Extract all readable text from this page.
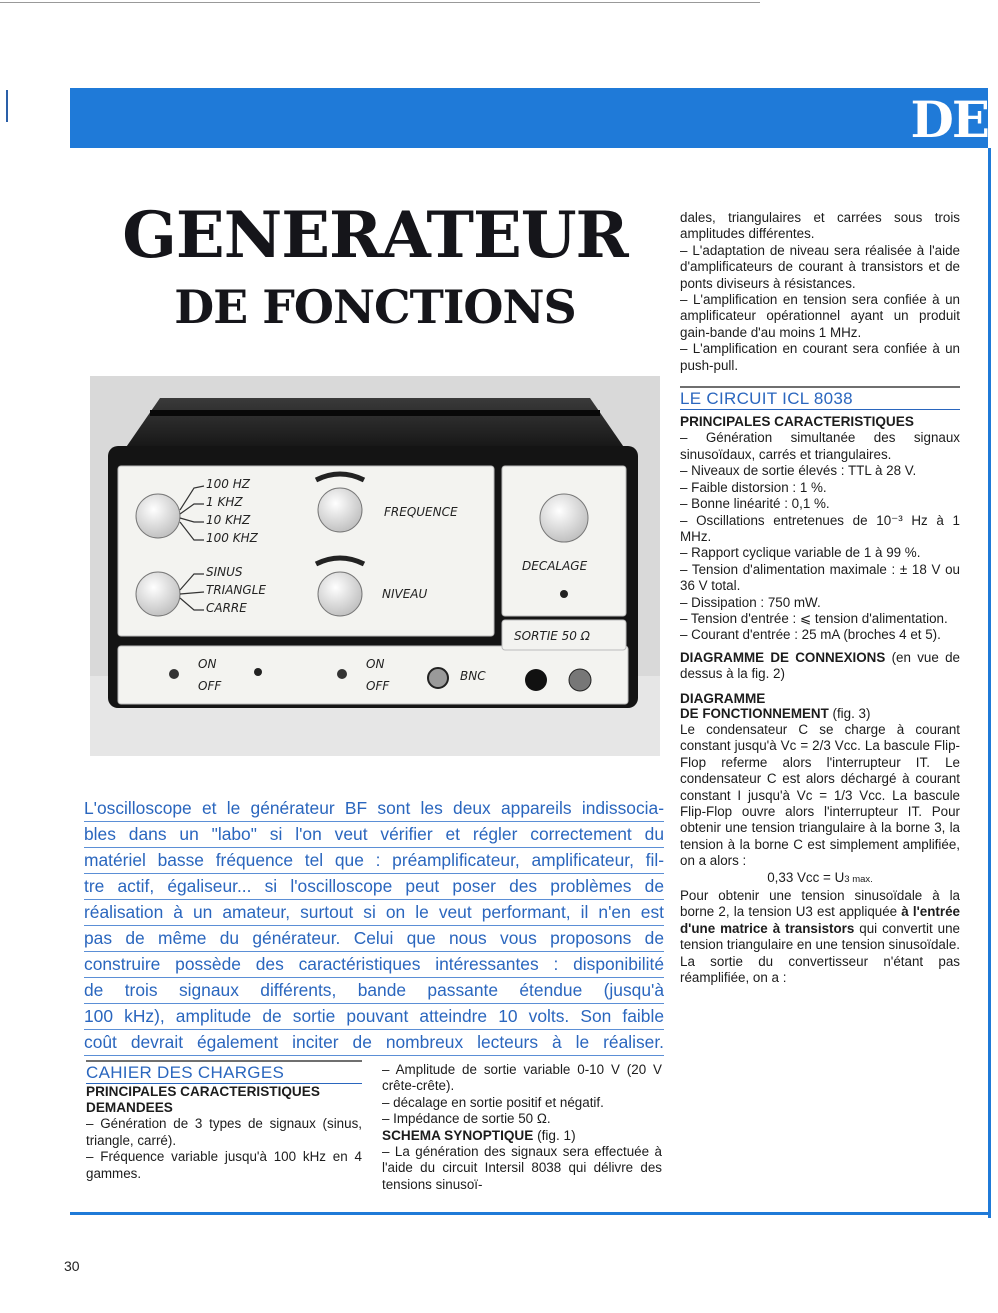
DE
GENERATEUR
DE FONCTIONS
100 HZ
1 KHZ
10 KHZ
100 KHZ
SINUS
TRIANGLE
CARRE
FREQUENCE
NIVEAU
DECALAGE
SORTIE 50 Ω
ON
OFF
ON
OFF
BNC
L'oscilloscope et le générateur BF sont les deux appareils indissocia-
bles dans un "labo" si l'on veut vérifier et régler correctement du
matériel basse fréquence tel que : préamplificateur, amplificateur, fil-
tre actif, égaliseur... si l'oscilloscope peut poser des problèmes de
réalisation à un amateur, surtout si on le veut performant, il n'en est
pas de même du générateur. Celui que nous vous proposons de
construire possède des caractéristiques intéressantes : disponibilité
de trois signaux différents, bande passante étendue (jusqu'à
100 kHz), amplitude de sortie pouvant atteindre 10 volts. Son faible
coût devrait également inciter de nombreux lecteurs à le réaliser.
CAHIER DES CHARGES

PRINCIPALES CARACTERISTIQUES DEMANDEES

– Génération de 3 types de signaux (sinus, triangle, carré).

– Fréquence variable jusqu'à 100 kHz en 4 gammes.

– Amplitude de sortie variable 0-10 V (20 V crête-crête).

– décalage en sortie positif et négatif.

– Impédance de sortie 50 Ω.

SCHEMA SYNOPTIQUE (fig. 1)

– La génération des signaux sera effectuée à l'aide du circuit Intersil 8038 qui délivre des tensions sinusoï-

dales, triangulaires et carrées sous trois amplitudes différentes.

– L'adaptation de niveau sera réalisée à l'aide d'amplificateurs de courant à transistors et de ponts diviseurs à résistances.

– L'amplification en tension sera confiée à un amplificateur opérationnel ayant un produit gain-bande d'au moins 1 MHz.

– L'amplification en courant sera confiée à un push-pull.

LE CIRCUIT ICL 8038

PRINCIPALES CARACTERISTIQUES

– Génération simultanée des signaux sinusoïdaux, carrés et triangulaires.

– Niveaux de sortie élevés : TTL à 28 V.

– Faible distorsion : 1 %.

– Bonne linéarité : 0,1 %.

– Oscillations entretenues de 10⁻³ Hz à 1 MHz.

– Rapport cyclique variable de 1 à 99 %.

– Tension d'alimentation maximale : ± 18 V ou 36 V total.

– Dissipation : 750 mW.

– Tension d'entrée : ⩽ tension d'alimentation.

– Courant d'entrée : 25 mA (broches 4 et 5).

DIAGRAMME DE CONNEXIONS (en vue de dessus à la fig. 2)

DIAGRAMME

DE FONCTIONNEMENT (fig. 3)

Le condensateur C se charge à courant constant jusqu'à Vc = 2/3 Vcc. La bascule Flip-Flop referme alors l'interrupteur IT. Le condensateur C est alors déchargé à courant constant I jusqu'à Vc = 1/3 Vcc. La bascule Flip-Flop ouvre alors l'interrupteur IT. Pour obtenir une tension triangulaire à la borne 3, la tension à la borne C est simplement amplifiée, on a alors :

0,33 Vcc = U3 max.

Pour obtenir une tension sinusoïdale à la borne 2, la tension U3 est appliquée à l'entrée d'une matrice à transistors qui convertit une tension triangulaire en une tension sinusoïdale. La sortie du convertisseur n'étant pas réamplifiée, on a :

30
